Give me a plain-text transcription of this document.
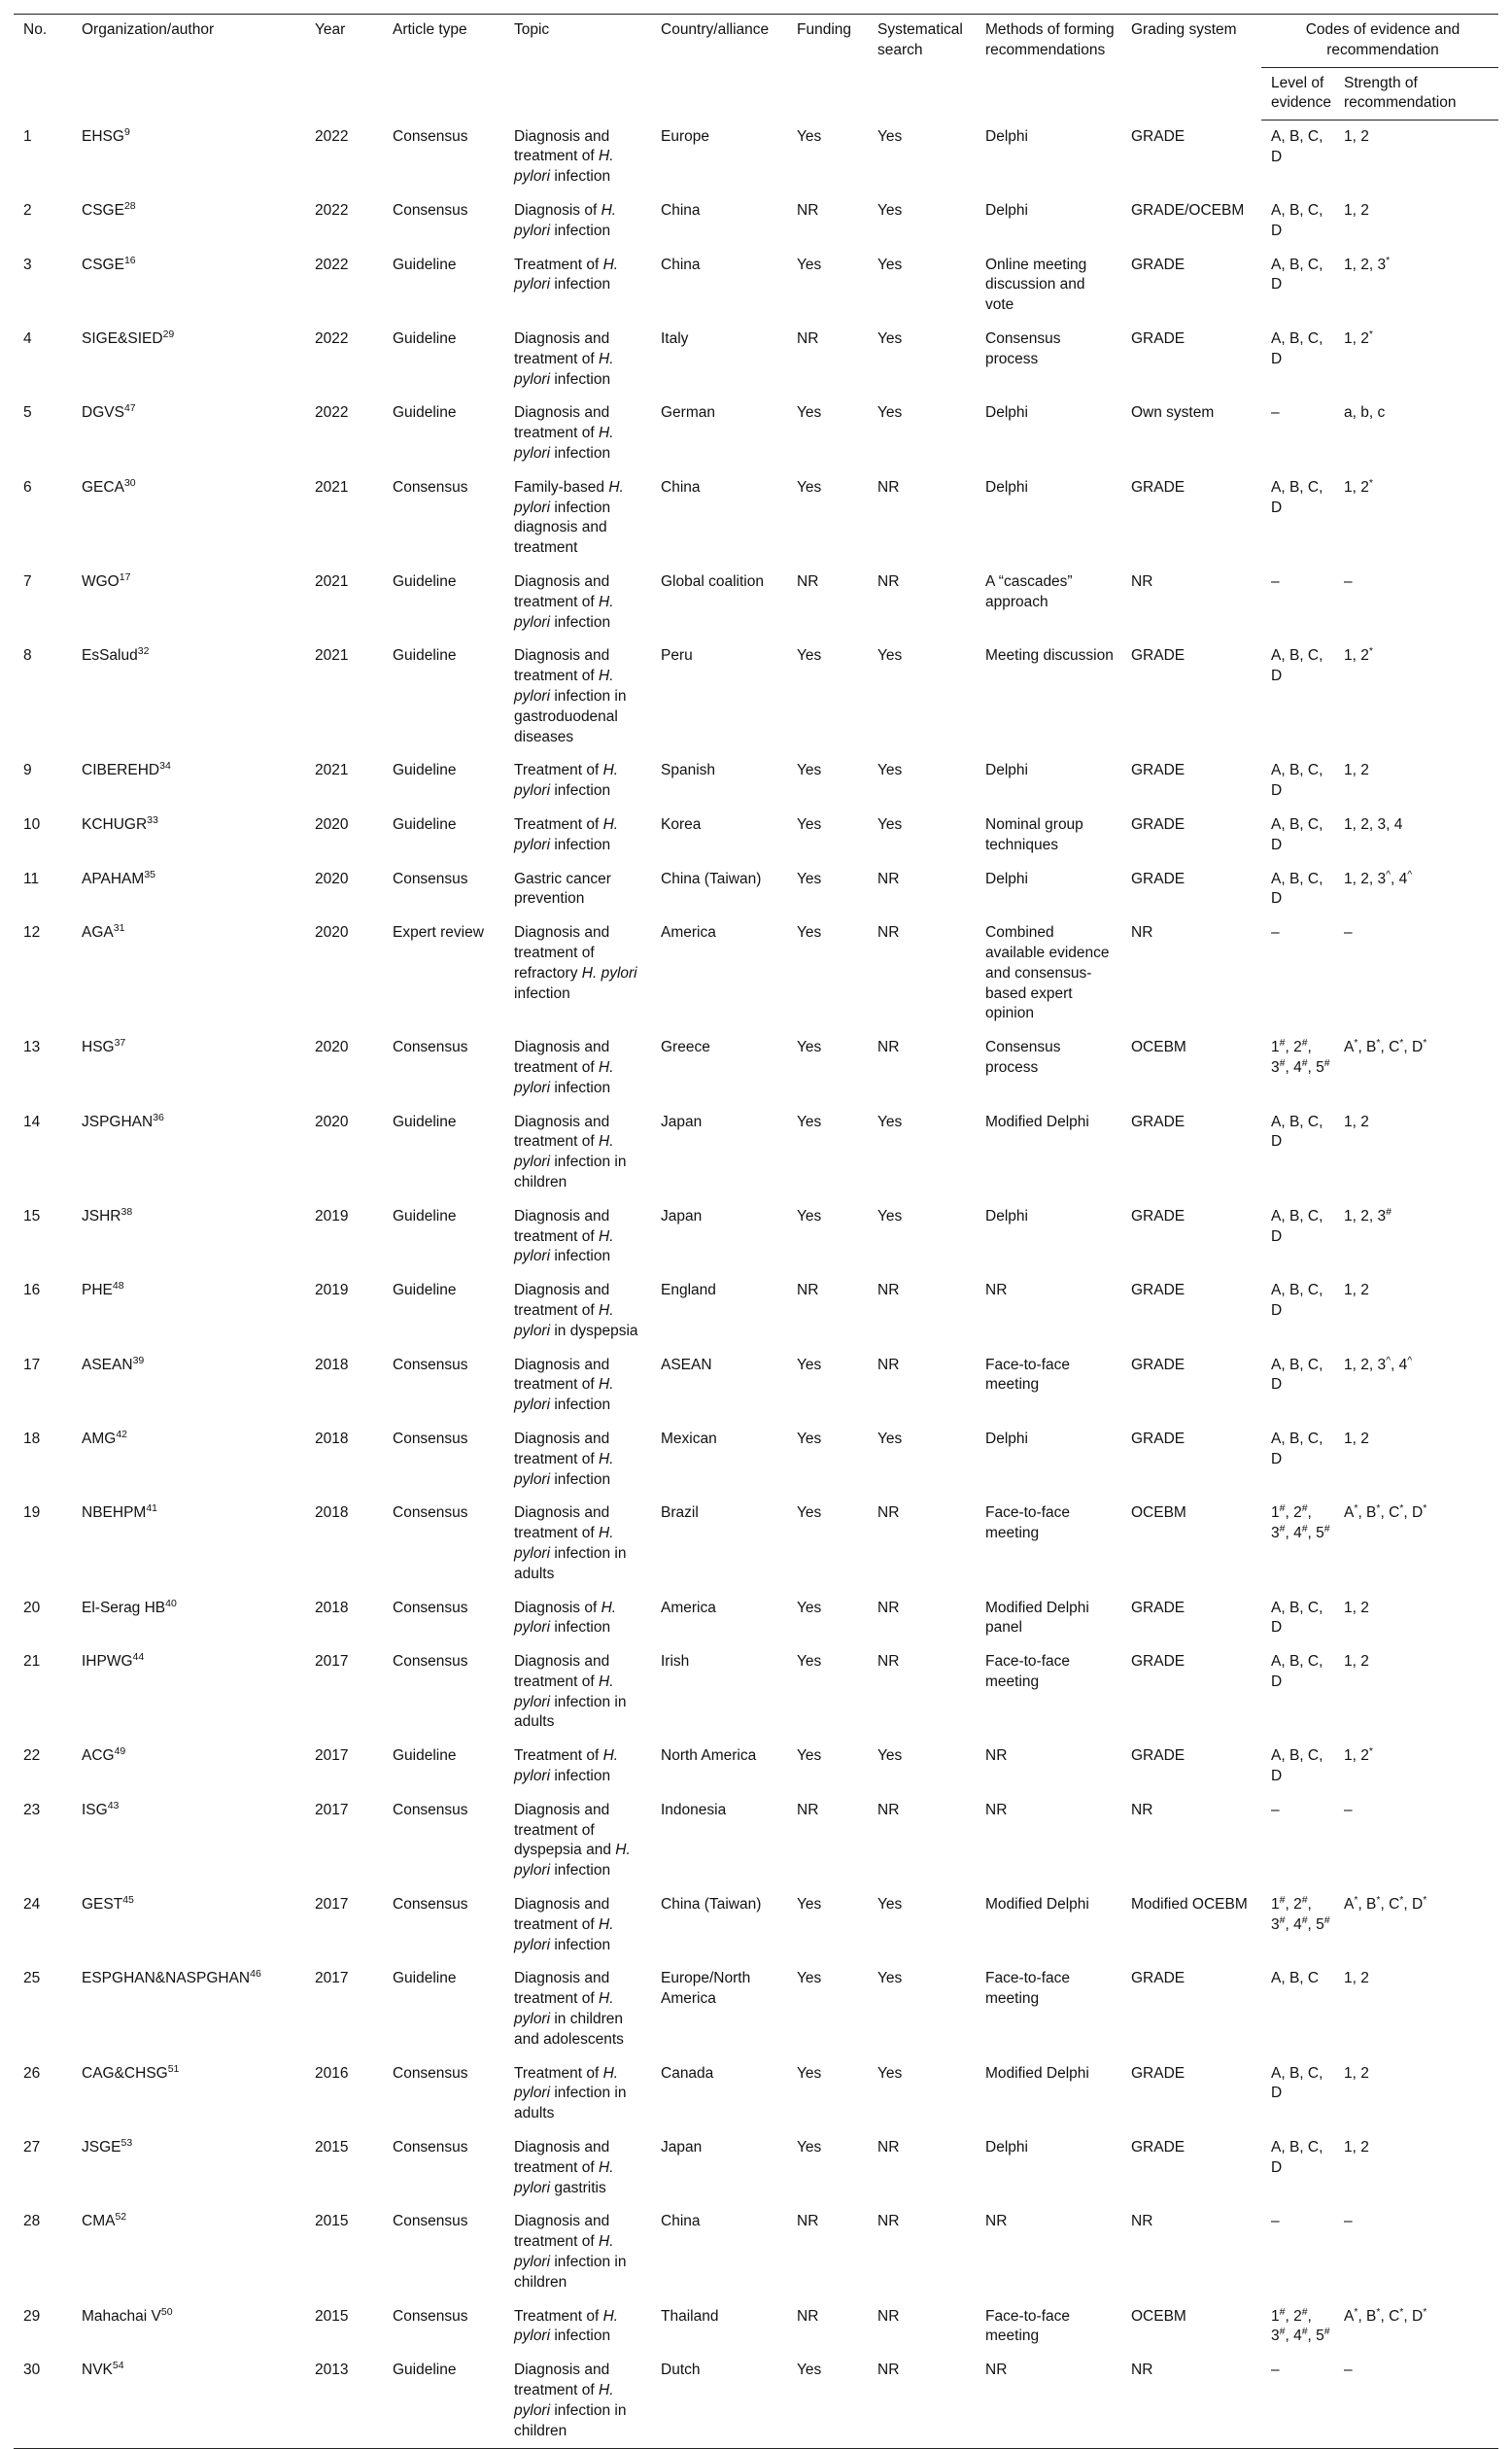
No.	Organization/author	Year	Article type	Topic	Country/alliance	Funding	Systematical search	Methods of forming recommendations	Grading system	Codes of evidence and recommendation	
										Level of evidence	Strength of recommendation
1	EHSG$^9$	2022	Consensus	Diagnosis and treatment of H. pylori infection	Europe	Yes	Yes	Delphi	GRADE	A, B, C, D	1, 2
2	CSGE$^{28}$	2022	Consensus	Diagnosis of H. pylori infection	China	NR	Yes	Delphi	GRADE/OCEBM	A, B, C, D	1, 2
3	CSGE$^{16}$	2022	Guideline	Treatment of H. pylori infection	China	Yes	Yes	Online meeting discussion and vote	GRADE	A, B, C, D	1, 2, 3*
4	SIGE&SIED$^{29}$	2022	Guideline	Diagnosis and treatment of H. pylori infection	Italy	NR	Yes	Consensus process	GRADE	A, B, C, D	1, 2*
5	DGVS$^{47}$	2022	Guideline	Diagnosis and treatment of H. pylori infection	German	Yes	Yes	Delphi	Own system	–	a, b, c
6	GECA$^{30}$	2021	Consensus	Family-based H. pylori infection diagnosis and treatment	China	Yes	NR	Delphi	GRADE	A, B, C, D	1, 2*
7	WGO$^{17}$	2021	Guideline	Diagnosis and treatment of H. pylori infection	Global coalition	NR	NR	A “cascades” approach	NR	–	–
8	EsSalud$^{32}$	2021	Guideline	Diagnosis and treatment of H. pylori infection in gastroduodenal diseases	Peru	Yes	Yes	Meeting discussion	GRADE	A, B, C, D	1, 2*
9	CIBEREHD$^{34}$	2021	Guideline	Treatment of H. pylori infection	Spanish	Yes	Yes	Delphi	GRADE	A, B, C, D	1, 2
10	KCHUGR$^{33}$	2020	Guideline	Treatment of H. pylori infection	Korea	Yes	Yes	Nominal group techniques	GRADE	A, B, C, D	1, 2, 3, 4
11	APAHAM$^{35}$	2020	Consensus	Gastric cancer prevention	China (Taiwan)	Yes	NR	Delphi	GRADE	A, B, C, D	1, 2, 3^, 4^
12	AGA$^{31}$	2020	Expert review	Diagnosis and treatment of refractory H. pylori infection	America	Yes	NR	Combined available evidence and consensus-based expert opinion	NR	–	–
13	HSG$^{37}$	2020	Consensus	Diagnosis and treatment of H. pylori infection	Greece	Yes	NR	Consensus process	OCEBM	1#, 2#, 3#, 4#, 5#	A*, B*, C*, D*
14	JSPGHAN$^{36}$	2020	Guideline	Diagnosis and treatment of H. pylori infection in children	Japan	Yes	Yes	Modified Delphi	GRADE	A, B, C, D	1, 2
15	JSHR$^{38}$	2019	Guideline	Diagnosis and treatment of H. pylori infection	Japan	Yes	Yes	Delphi	GRADE	A, B, C, D	1, 2, 3#
16	PHE$^{48}$	2019	Guideline	Diagnosis and treatment of H. pylori in dyspepsia	England	NR	NR	NR	GRADE	A, B, C, D	1, 2
17	ASEAN$^{39}$	2018	Consensus	Diagnosis and treatment of H. pylori infection	ASEAN	Yes	NR	Face-to-face meeting	GRADE	A, B, C, D	1, 2, 3^, 4^
18	AMG$^{42}$	2018	Consensus	Diagnosis and treatment of H. pylori infection	Mexican	Yes	Yes	Delphi	GRADE	A, B, C, D	1, 2
19	NBEHPM$^{41}$	2018	Consensus	Diagnosis and treatment of H. pylori infection in adults	Brazil	Yes	NR	Face-to-face meeting	OCEBM	1#, 2#, 3#, 4#, 5#	A*, B*, C*, D*
20	El-Serag HB$^{40}$	2018	Consensus	Diagnosis of H. pylori infection	America	Yes	NR	Modified Delphi panel	GRADE	A, B, C, D	1, 2
21	IHPWG$^{44}$	2017	Consensus	Diagnosis and treatment of H. pylori infection in adults	Irish	Yes	NR	Face-to-face meeting	GRADE	A, B, C, D	1, 2
22	ACG$^{49}$	2017	Guideline	Treatment of H. pylori infection	North America	Yes	Yes	NR	GRADE	A, B, C, D	1, 2*
23	ISG$^{43}$	2017	Consensus	Diagnosis and treatment of dyspepsia and H. pylori infection	Indonesia	NR	NR	NR	NR	–	–
24	GEST$^{45}$	2017	Consensus	Diagnosis and treatment of H. pylori infection	China (Taiwan)	Yes	Yes	Modified Delphi	Modified OCEBM	1#, 2#, 3#, 4#, 5#	A*, B*, C*, D*
25	ESPGHAN&NASPGHAN$^{46}$	2017	Guideline	Diagnosis and treatment of H. pylori in children and adolescents	Europe/North America	Yes	Yes	Face-to-face meeting	GRADE	A, B, C	1, 2
26	CAG&CHSG$^{51}$	2016	Consensus	Treatment of H. pylori infection in adults	Canada	Yes	Yes	Modified Delphi	GRADE	A, B, C, D	1, 2
27	JSGE$^{53}$	2015	Consensus	Diagnosis and treatment of H. pylori gastritis	Japan	Yes	NR	Delphi	GRADE	A, B, C, D	1, 2
28	CMA$^{52}$	2015	Consensus	Diagnosis and treatment of H. pylori infection in children	China	NR	NR	NR	NR	–	–
29	Mahachai $V^{50}$	2015	Consensus	Treatment of H. pylori infection	Thailand	NR	NR	Face-to-face meeting	OCEBM	1#, 2#, 3#, 4#, 5#	A*, B*, C*, D*
30	NVK$^{54}$	2013	Guideline	Diagnosis and treatment of H. pylori infection in children	Dutch	Yes	NR	NR	NR	–	–
